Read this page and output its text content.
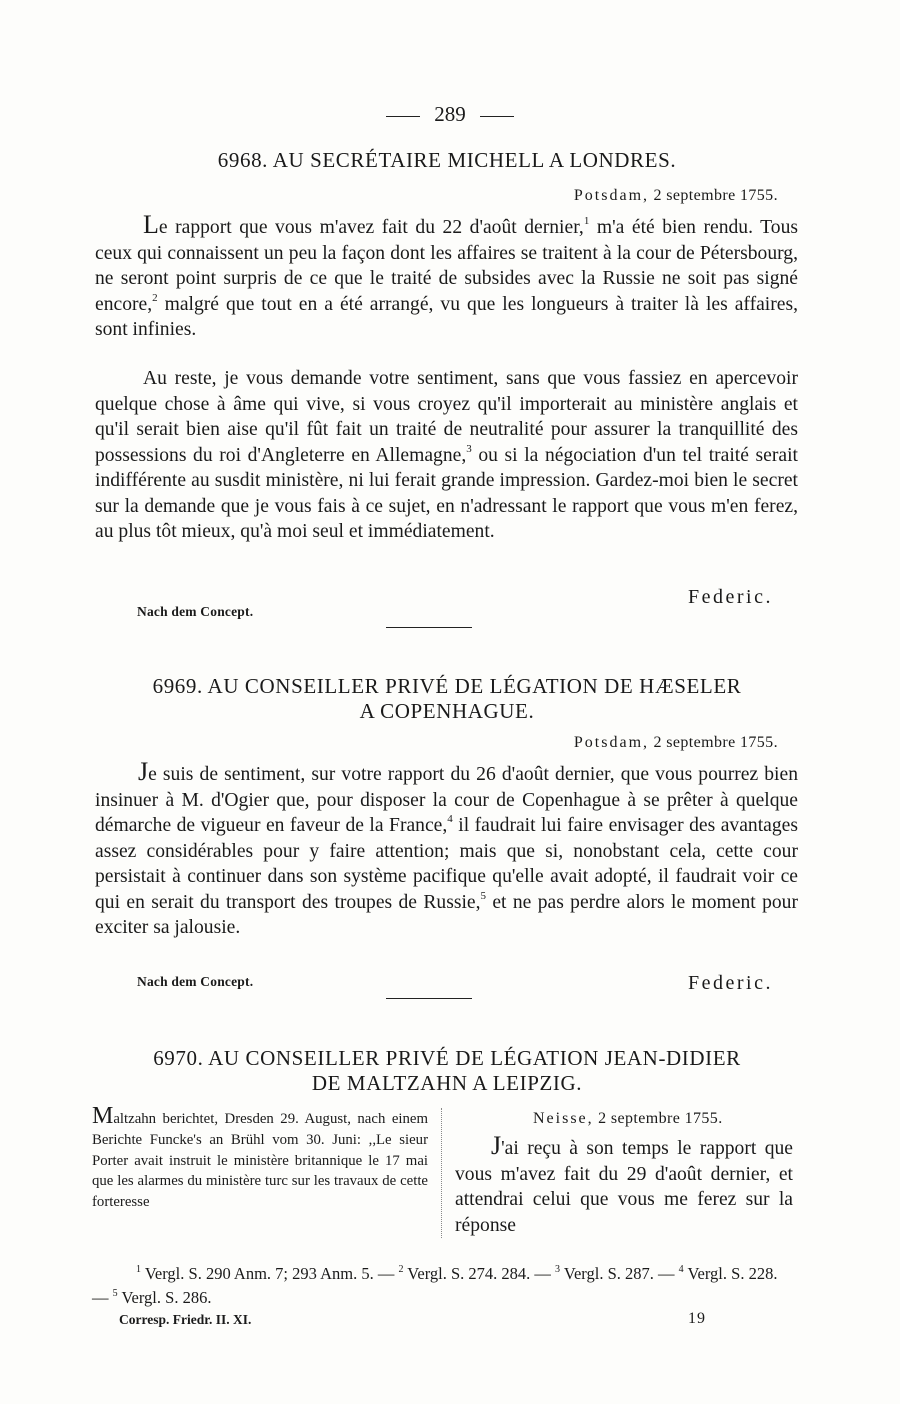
289
6968. AU SECRÉTAIRE MICHELL A LONDRES.
Potsdam, 2 septembre 1755.
Le rapport que vous m'avez fait du 22 d'août dernier,$^1$ m'a été bien rendu. Tous ceux qui connaissent un peu la façon dont les affaires se traitent à la cour de Pétersbourg, ne seront point surpris de ce que le traité de subsides avec la Russie ne soit pas signé encore,$^2$ malgré que tout en a été arrangé, vu que les longueurs à traiter là les affaires, sont infinies.
Au reste, je vous demande votre sentiment, sans que vous fassiez en apercevoir quelque chose à âme qui vive, si vous croyez qu'il importerait au ministère anglais et qu'il serait bien aise qu'il fût fait un traité de neutralité pour assurer la tranquillité des possessions du roi d'Angleterre en Allemagne,$^3$ ou si la négociation d'un tel traité serait indifférente au susdit ministère, ni lui ferait grande impression. Gardez-moi bien le secret sur la demande que je vous fais à ce sujet, en n'adressant le rapport que vous m'en ferez, au plus tôt mieux, qu'à moi seul et immédiatement.
Nach dem Concept.
Federic.
6969. AU CONSEILLER PRIVÉ DE LÉGATION DE HÆSELER
A COPENHAGUE.
Potsdam, 2 septembre 1755.
Je suis de sentiment, sur votre rapport du 26 d'août dernier, que vous pourrez bien insinuer à M. d'Ogier que, pour disposer la cour de Copenhague à se prêter à quelque démarche de vigueur en faveur de la France,$^4$ il faudrait lui faire envisager des avantages assez considérables pour y faire attention; mais que si, nonobstant cela, cette cour persistait à continuer dans son système pacifique qu'elle avait adopté, il faudrait voir ce qui en serait du transport des troupes de Russie,$^5$ et ne pas perdre alors le moment pour exciter sa jalousie.
Nach dem Concept.	Federic.
6970. AU CONSEILLER PRIVÉ DE LÉGATION JEAN-DIDIER
DE MALTZAHN A LEIPZIG.
Maltzahn berichtet, Dresden 29. August, nach einem Berichte Funcke's an Brühl vom 30. Juni: ,,Le sieur Porter avait instruit le ministère britannique le 17 mai que les alarmes du ministère turc sur les travaux de cette forteresse
Neisse, 2 septembre 1755.
J'ai reçu à son temps le rapport que vous m'avez fait du 29 d'août dernier, et attendrai celui que vous me ferez sur la réponse
$^1$ Vergl. S. 290 Anm. 7; 293 Anm. 5. — $^2$ Vergl. S. 274. 284. — $^3$ Vergl. S. 287. — $^4$ Vergl. S. 228. — $^5$ Vergl. S. 286.
Corresp. Friedr. II. XI.	19
